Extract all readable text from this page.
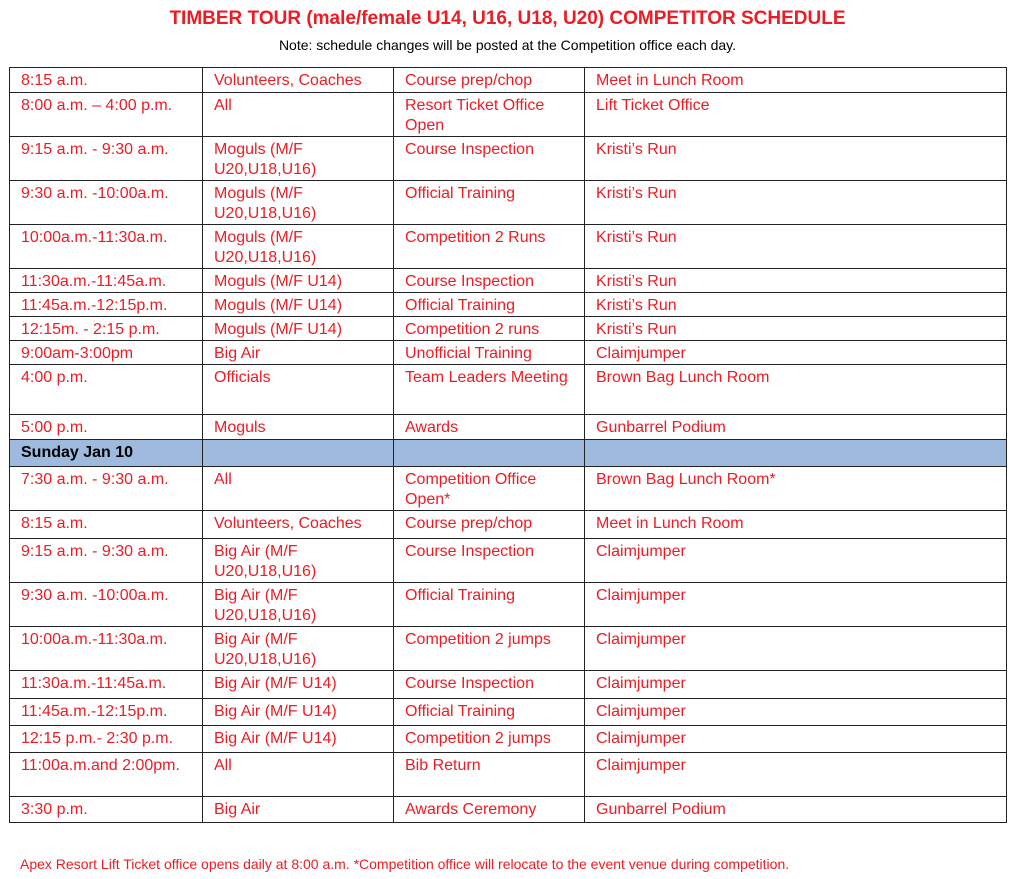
TIMBER TOUR (male/female U14, U16, U18, U20) COMPETITOR SCHEDULE
Note: schedule changes will be posted at the Competition office each day.
8:15 a.m.	Volunteers, Coaches	Course prep/chop	Meet in Lunch Room
8:00 a.m. – 4:00 p.m.	All	Resort Ticket Office Open	Lift Ticket Office
9:15 a.m. - 9:30 a.m.	Moguls (M/F U20,U18,U16)	Course Inspection	Kristi’s Run
9:30 a.m. -10:00a.m.	Moguls (M/F U20,U18,U16)	Official Training	Kristi’s Run
10:00a.m.-11:30a.m.	Moguls (M/F U20,U18,U16)	Competition 2 Runs	Kristi’s Run
11:30a.m.-11:45a.m.	Moguls (M/F U14)	Course Inspection	Kristi’s Run
11:45a.m.-12:15p.m.	Moguls (M/F U14)	Official Training	Kristi’s Run
12:15m. - 2:15 p.m.	Moguls (M/F U14)	Competition 2 runs	Kristi’s Run
9:00am-3:00pm	Big Air	Unofficial Training	Claimjumper
4:00 p.m.	Officials	Team Leaders Meeting	Brown Bag Lunch Room
5:00 p.m.	Moguls	Awards	Gunbarrel Podium
Sunday Jan 10			
7:30 a.m. - 9:30 a.m.	All	Competition Office Open*	Brown Bag Lunch Room*
8:15 a.m.	Volunteers, Coaches	Course prep/chop	Meet in Lunch Room
9:15 a.m. - 9:30 a.m.	Big Air (M/F U20,U18,U16)	Course Inspection	Claimjumper
9:30 a.m. -10:00a.m.	Big Air (M/F U20,U18,U16)	Official Training	Claimjumper
10:00a.m.-11:30a.m.	Big Air (M/F U20,U18,U16)	Competition 2 jumps	Claimjumper
11:30a.m.-11:45a.m.	Big Air (M/F U14)	Course Inspection	Claimjumper
11:45a.m.-12:15p.m.	Big Air (M/F U14)	Official Training	Claimjumper
12:15 p.m.- 2:30 p.m.	Big Air (M/F U14)	Competition 2 jumps	Claimjumper
11:00a.m.and 2:00pm.	All	Bib Return	Claimjumper
3:30 p.m.	Big Air	Awards Ceremony	Gunbarrel Podium
Apex Resort Lift Ticket office opens daily at 8:00 a.m. *Competition office will relocate to the event venue during competition.
